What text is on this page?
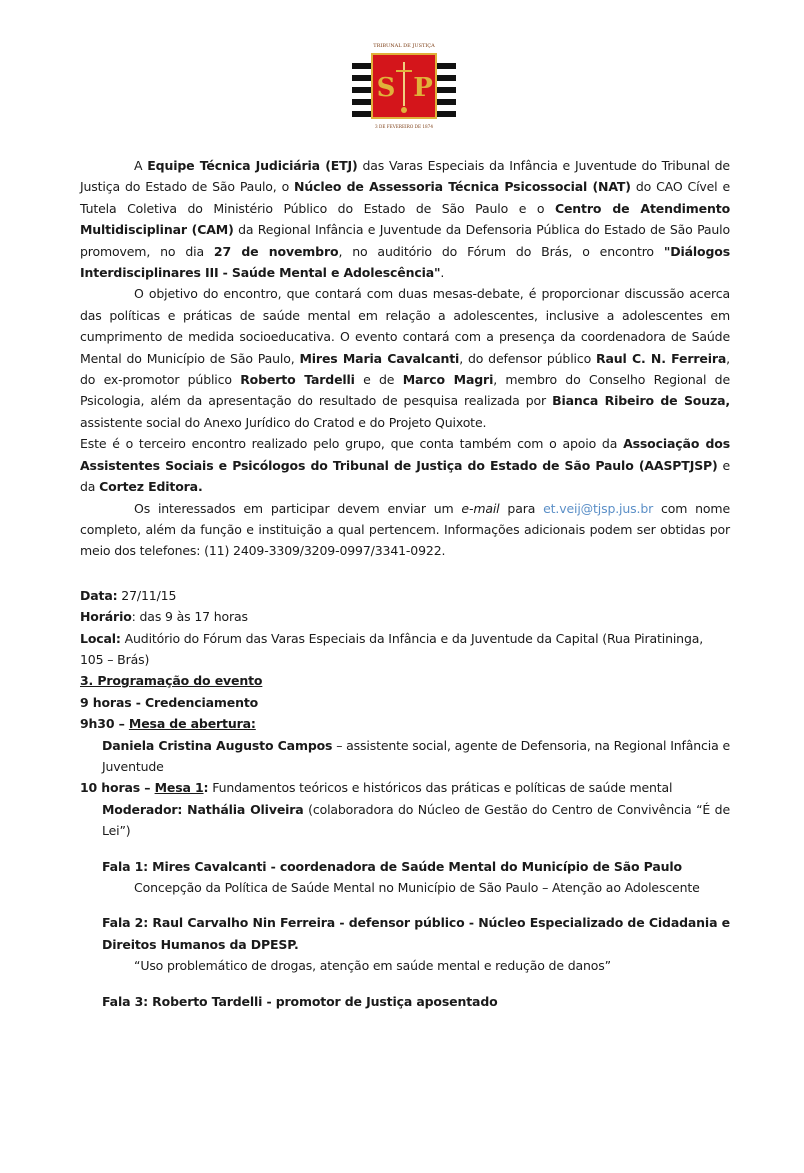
TRIBUNAL DE JUSTIÇA
3 DE FEVEREIRO DE 1874
S P

A Equipe Técnica Judiciária (ETJ) das Varas Especiais da Infância e Juventude do Tribunal de Justiça do Estado de São Paulo, o Núcleo de Assessoria Técnica Psicossocial (NAT) do CAO Cível e Tutela Coletiva do Ministério Público do Estado de São Paulo e o Centro de Atendimento Multidisciplinar (CAM) da Regional Infância e Juventude da Defensoria Pública do Estado de São Paulo promovem, no dia 27 de novembro, no auditório do Fórum do Brás, o encontro "Diálogos Interdisciplinares III - Saúde Mental e Adolescência".

O objetivo do encontro, que contará com duas mesas-debate, é proporcionar discussão acerca das políticas e práticas de saúde mental em relação a adolescentes, inclusive a adolescentes em cumprimento de medida socioeducativa. O evento contará com a presença da coordenadora de Saúde Mental do Município de São Paulo, Mires Maria Cavalcanti, do defensor público Raul C. N. Ferreira, do ex-promotor público Roberto Tardelli e de Marco Magri, membro do Conselho Regional de Psicologia, além da apresentação do resultado de pesquisa realizada por Bianca Ribeiro de Souza, assistente social do Anexo Jurídico do Cratod e do Projeto Quixote.

Este é o terceiro encontro realizado pelo grupo, que conta também com o apoio da Associação dos Assistentes Sociais e Psicólogos do Tribunal de Justiça do Estado de São Paulo (AASPTJSP) e da Cortez Editora.

Os interessados em participar devem enviar um e-mail para et.veij@tjsp.jus.br com nome completo, além da função e instituição a qual pertencem. Informações adicionais podem ser obtidas por meio dos telefones: (11) 2409-3309/3209-0997/3341-0922.

Data: 27/11/15

Horário: das 9 às 17 horas

Local: Auditório do Fórum das Varas Especiais da Infância e da Juventude da Capital (Rua Piratininga, 105 – Brás)

3. Programação do evento

9 horas - Credenciamento

9h30 – Mesa de abertura:

Daniela Cristina Augusto Campos – assistente social, agente de Defensoria, na Regional Infância e Juventude

10 horas – Mesa 1: Fundamentos teóricos e históricos das práticas e políticas de saúde mental

Moderador: Nathália Oliveira (colaboradora do Núcleo de Gestão do Centro de Convivência “É de Lei”)

Fala 1: Mires Cavalcanti - coordenadora de Saúde Mental do Município de São Paulo

Concepção da Política de Saúde Mental no Município de São Paulo – Atenção ao Adolescente

Fala 2: Raul Carvalho Nin Ferreira - defensor público - Núcleo Especializado de Cidadania e Direitos Humanos da DPESP.

“Uso problemático de drogas, atenção em saúde mental e redução de danos”

Fala 3: Roberto Tardelli - promotor de Justiça aposentado
